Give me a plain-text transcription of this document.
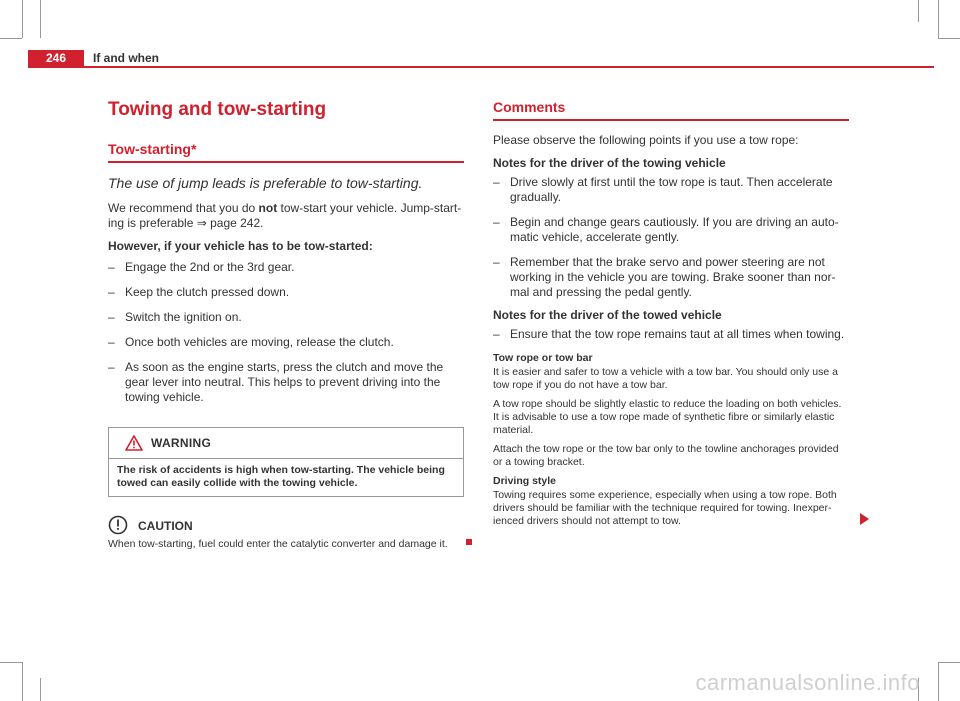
246	If and when
Towing and tow-starting
Tow-starting*
The use of jump leads is preferable to tow-starting.

We recommend that you do not tow-start your vehicle. Jump-start-ing is preferable ⇒ page 242.

However, if your vehicle has to be tow-started:

– Engage the 2nd or the 3rd gear.
– Keep the clutch pressed down.
– Switch the ignition on.
– Once both vehicles are moving, release the clutch.
– As soon as the engine starts, press the clutch and move the gear lever into neutral. This helps to prevent driving into the towing vehicle.
WARNING
The risk of accidents is high when tow-starting. The vehicle being towed can easily collide with the towing vehicle.
CAUTION
When tow-starting, fuel could enter the catalytic converter and damage it.
Comments

Please observe the following points if you use a tow rope:

Notes for the driver of the towing vehicle

– Drive slowly at first until the tow rope is taut. Then accelerate gradually.
– Begin and change gears cautiously. If you are driving an auto-matic vehicle, accelerate gently.
– Remember that the brake servo and power steering are not working in the vehicle you are towing. Brake sooner than nor-mal and pressing the pedal gently.

Notes for the driver of the towed vehicle

– Ensure that the tow rope remains taut at all times when towing.

Tow rope or tow bar

It is easier and safer to tow a vehicle with a tow bar. You should only use a tow rope if you do not have a tow bar.

A tow rope should be slightly elastic to reduce the loading on both vehicles. It is advisable to use a tow rope made of synthetic fibre or similarly elastic material.

Attach the tow rope or the tow bar only to the towline anchorages provided or a towing bracket.

Driving style

Towing requires some experience, especially when using a tow rope. Both drivers should be familiar with the technique required for towing. Inexper-ienced drivers should not attempt to tow.

carmanualsonline.info
